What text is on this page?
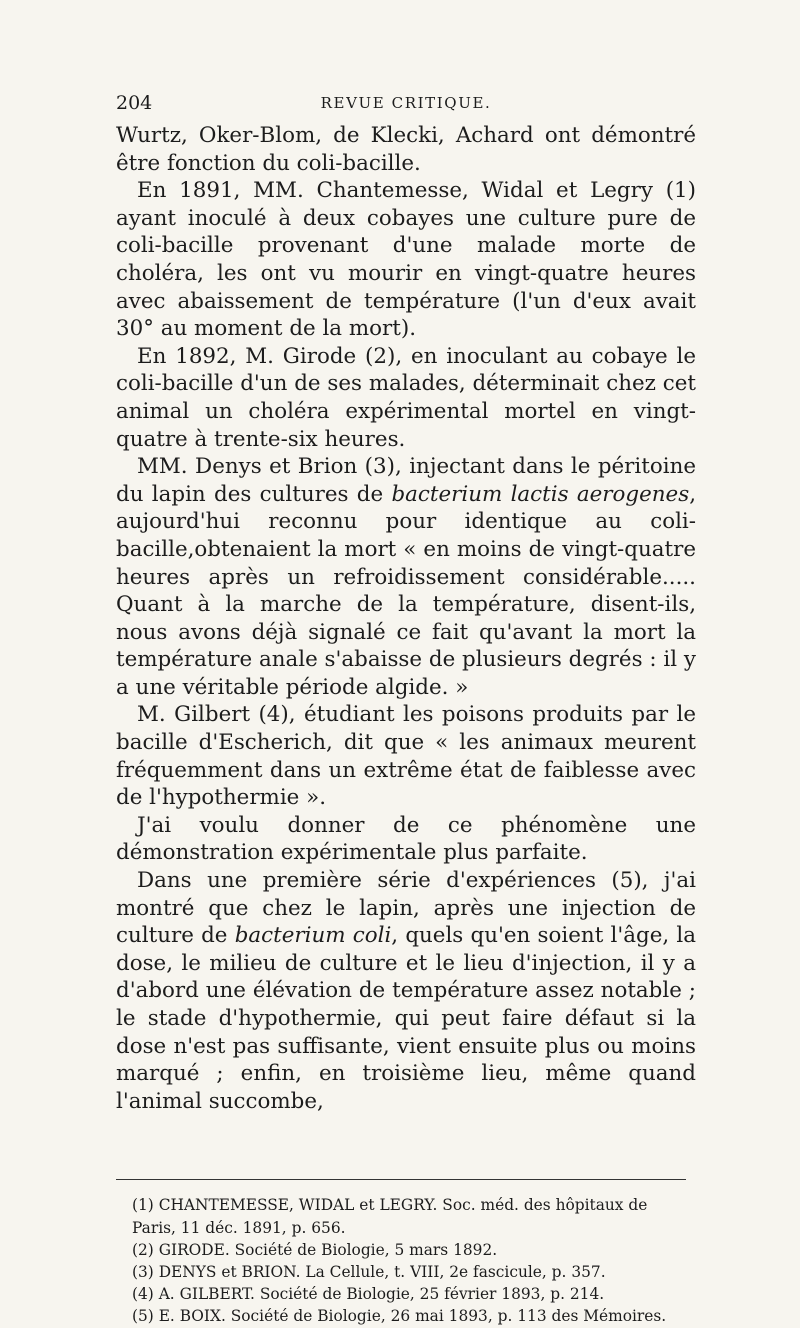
204	REVUE CRITIQUE.

Wurtz, Oker-Blom, de Klecki, Achard ont démontré être fonction du coli-bacille.

En 1891, MM. Chantemesse, Widal et Legry (1) ayant inoculé à deux cobayes une culture pure de coli-bacille provenant d'une malade morte de choléra, les ont vu mourir en vingt-quatre heures avec abaissement de température (l'un d'eux avait 30° au moment de la mort).

En 1892, M. Girode (2), en inoculant au cobaye le coli-bacille d'un de ses malades, déterminait chez cet animal un choléra expérimental mortel en vingt-quatre à trente-six heures.

MM. Denys et Brion (3), injectant dans le péritoine du lapin des cultures de bacterium lactis aerogenes, aujourd'hui reconnu pour identique au coli-bacille,obtenaient la mort « en moins de vingt-quatre heures après un refroidissement considérable..... Quant à la marche de la température, disent-ils, nous avons déjà signalé ce fait qu'avant la mort la température anale s'abaisse de plusieurs degrés : il y a une véritable période algide. »

M. Gilbert (4), étudiant les poisons produits par le bacille d'Escherich, dit que « les animaux meurent fréquemment dans un extrême état de faiblesse avec de l'hypothermie ».

J'ai voulu donner de ce phénomène une démonstration expérimentale plus parfaite.

Dans une première série d'expériences (5), j'ai montré que chez le lapin, après une injection de culture de bacterium coli, quels qu'en soient l'âge, la dose, le milieu de culture et le lieu d'injection, il y a d'abord une élévation de température assez notable ; le stade d'hypothermie, qui peut faire défaut si la dose n'est pas suffisante, vient ensuite plus ou moins marqué ; enfin, en troisième lieu, même quand l'animal succombe,

(1) CHANTEMESSE, WIDAL et LEGRY. Soc. méd. des hôpitaux de Paris, 11 déc. 1891, p. 656.

(2) GIRODE. Société de Biologie, 5 mars 1892.

(3) DENYS et BRION. La Cellule, t. VIII, 2e fascicule, p. 357.

(4) A. GILBERT. Société de Biologie, 25 février 1893, p. 214.

(5) E. BOIX. Société de Biologie, 26 mai 1893, p. 113 des Mémoires.
